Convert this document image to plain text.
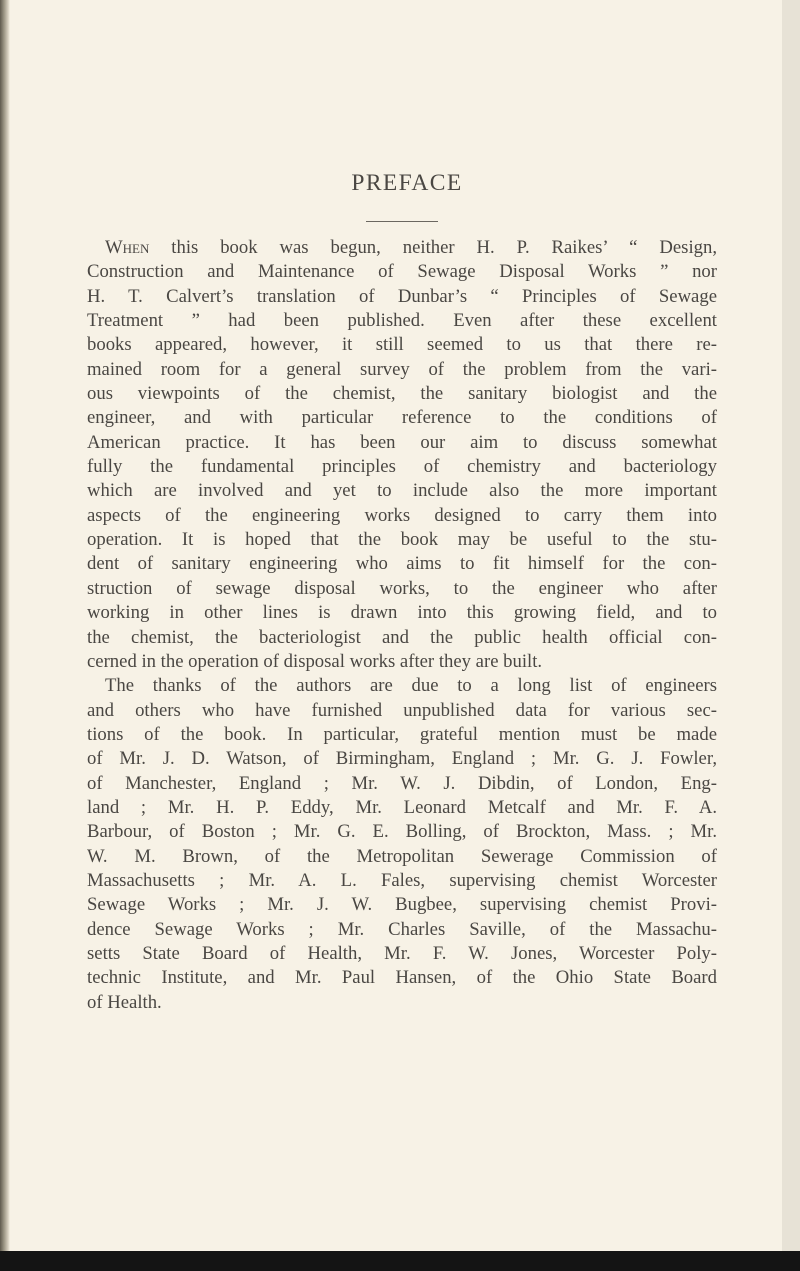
PREFACE
When this book was begun, neither H. P. Raikes’ “ Design,
Construction and Maintenance of Sewage Disposal Works ” nor
H. T. Calvert’s translation of Dunbar’s “ Principles of Sewage
Treatment ” had been published. Even after these excellent
books appeared, however, it still seemed to us that there re-
mained room for a general survey of the problem from the vari-
ous viewpoints of the chemist, the sanitary biologist and the
engineer, and with particular reference to the conditions of
American practice. It has been our aim to discuss somewhat
fully the fundamental principles of chemistry and bacteriology
which are involved and yet to include also the more important
aspects of the engineering works designed to carry them into
operation. It is hoped that the book may be useful to the stu-
dent of sanitary engineering who aims to fit himself for the con-
struction of sewage disposal works, to the engineer who after
working in other lines is drawn into this growing field, and to
the chemist, the bacteriologist and the public health official con-
cerned in the operation of disposal works after they are built.
The thanks of the authors are due to a long list of engineers
and others who have furnished unpublished data for various sec-
tions of the book. In particular, grateful mention must be made
of Mr. J. D. Watson, of Birmingham, England ; Mr. G. J. Fowler,
of Manchester, England ; Mr. W. J. Dibdin, of London, Eng-
land ; Mr. H. P. Eddy, Mr. Leonard Metcalf and Mr. F. A.
Barbour, of Boston ; Mr. G. E. Bolling, of Brockton, Mass. ; Mr.
W. M. Brown, of the Metropolitan Sewerage Commission of
Massachusetts ; Mr. A. L. Fales, supervising chemist Worcester
Sewage Works ; Mr. J. W. Bugbee, supervising chemist Provi-
dence Sewage Works ; Mr. Charles Saville, of the Massachu-
setts State Board of Health, Mr. F. W. Jones, Worcester Poly-
technic Institute, and Mr. Paul Hansen, of the Ohio State Board
of Health.
